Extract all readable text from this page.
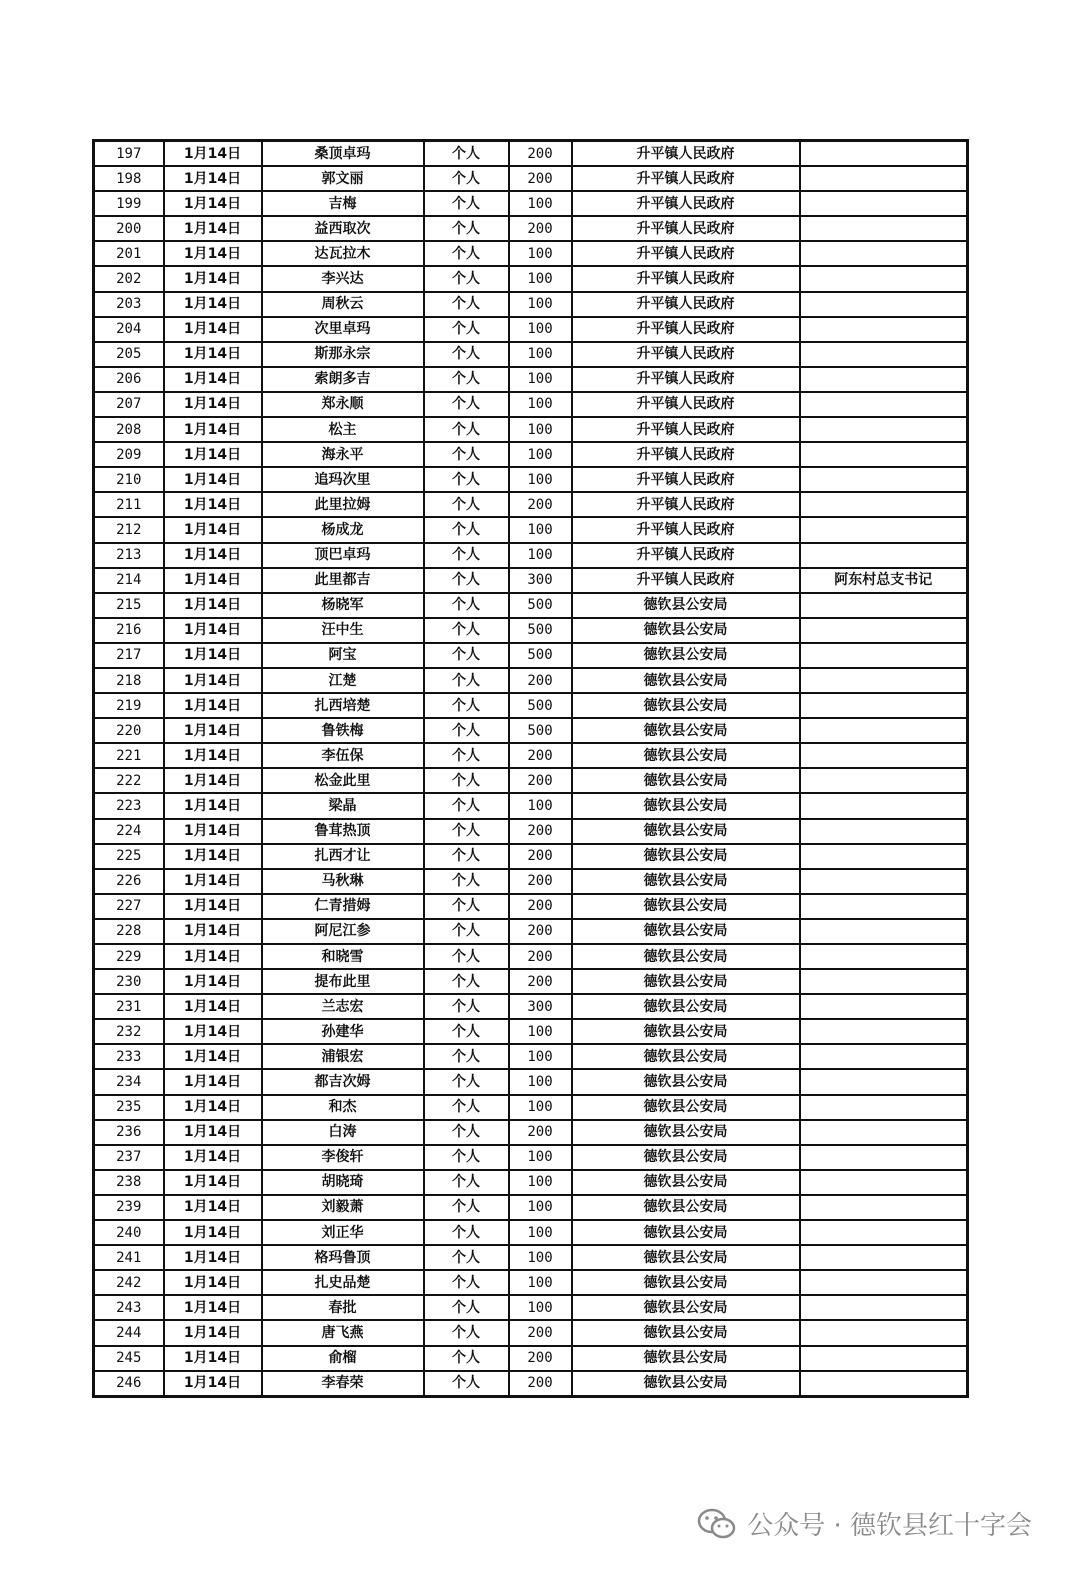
197	1月14日	桑顶卓玛	个人	200	升平镇人民政府	
198	1月14日	郭文丽	个人	200	升平镇人民政府	
199	1月14日	吉梅	个人	100	升平镇人民政府	
200	1月14日	益西取次	个人	200	升平镇人民政府	
201	1月14日	达瓦拉木	个人	100	升平镇人民政府	
202	1月14日	李兴达	个人	100	升平镇人民政府	
203	1月14日	周秋云	个人	100	升平镇人民政府	
204	1月14日	次里卓玛	个人	100	升平镇人民政府	
205	1月14日	斯那永宗	个人	100	升平镇人民政府	
206	1月14日	索朗多吉	个人	100	升平镇人民政府	
207	1月14日	郑永顺	个人	100	升平镇人民政府	
208	1月14日	松主	个人	100	升平镇人民政府	
209	1月14日	海永平	个人	100	升平镇人民政府	
210	1月14日	追玛次里	个人	100	升平镇人民政府	
211	1月14日	此里拉姆	个人	200	升平镇人民政府	
212	1月14日	杨成龙	个人	100	升平镇人民政府	
213	1月14日	顶巴卓玛	个人	100	升平镇人民政府	
214	1月14日	此里都吉	个人	300	升平镇人民政府	阿东村总支书记
215	1月14日	杨晓军	个人	500	德钦县公安局	
216	1月14日	汪中生	个人	500	德钦县公安局	
217	1月14日	阿宝	个人	500	德钦县公安局	
218	1月14日	江楚	个人	200	德钦县公安局	
219	1月14日	扎西培楚	个人	500	德钦县公安局	
220	1月14日	鲁铁梅	个人	500	德钦县公安局	
221	1月14日	李伍保	个人	200	德钦县公安局	
222	1月14日	松金此里	个人	200	德钦县公安局	
223	1月14日	梁晶	个人	100	德钦县公安局	
224	1月14日	鲁茸热顶	个人	200	德钦县公安局	
225	1月14日	扎西才让	个人	200	德钦县公安局	
226	1月14日	马秋琳	个人	200	德钦县公安局	
227	1月14日	仁青措姆	个人	200	德钦县公安局	
228	1月14日	阿尼江参	个人	200	德钦县公安局	
229	1月14日	和晓雪	个人	200	德钦县公安局	
230	1月14日	提布此里	个人	200	德钦县公安局	
231	1月14日	兰志宏	个人	300	德钦县公安局	
232	1月14日	孙建华	个人	100	德钦县公安局	
233	1月14日	浦银宏	个人	100	德钦县公安局	
234	1月14日	都吉次姆	个人	100	德钦县公安局	
235	1月14日	和杰	个人	100	德钦县公安局	
236	1月14日	白涛	个人	200	德钦县公安局	
237	1月14日	李俊轩	个人	100	德钦县公安局	
238	1月14日	胡晓琦	个人	100	德钦县公安局	
239	1月14日	刘毅萧	个人	100	德钦县公安局	
240	1月14日	刘正华	个人	100	德钦县公安局	
241	1月14日	格玛鲁顶	个人	100	德钦县公安局	
242	1月14日	扎史品楚	个人	100	德钦县公安局	
243	1月14日	春批	个人	100	德钦县公安局	
244	1月14日	唐飞燕	个人	200	德钦县公安局	
245	1月14日	俞榴	个人	200	德钦县公安局	
246	1月14日	李春荣	个人	200	德钦县公安局	
公众号 · 德钦县红十字会
